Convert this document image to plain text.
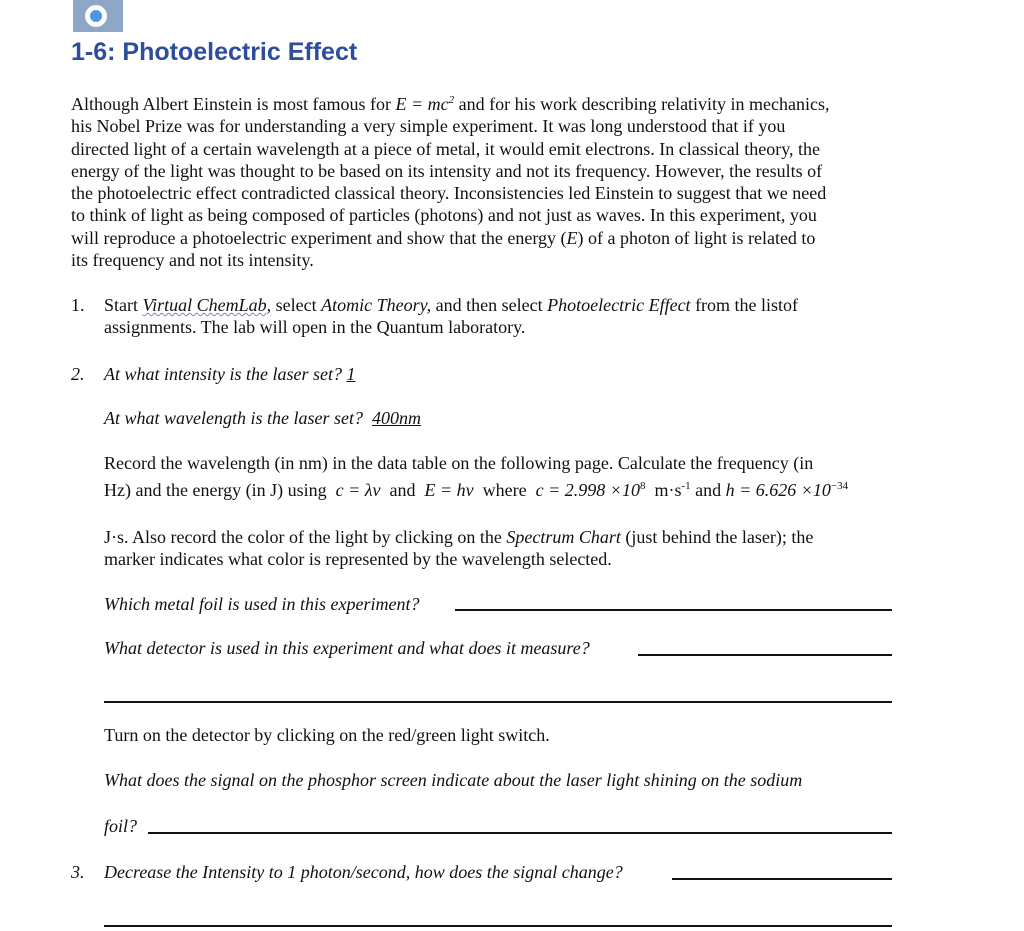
1-6: Photoelectric Effect
Although Albert Einstein is most famous for $E = mc^2$ and for his work describing relativity in mechanics,
his Nobel Prize was for understanding a very simple experiment. It was long understood that if you
directed light of a certain wavelength at a piece of metal, it would emit electrons. In classical theory, the
energy of the light was thought to be based on its intensity and not its frequency. However, the results of
the photoelectric effect contradicted classical theory. Inconsistencies led Einstein to suggest that we need
to think of light as being composed of particles (photons) and not just as waves. In this experiment, you
will reproduce a photoelectric experiment and show that the energy (E) of a photon of light is related to
its frequency and not its intensity.
1. Start Virtual ChemLab, select Atomic Theory, and then select Photoelectric Effect from the listof
assignments. The lab will open in the Quantum laboratory.
2. At what intensity is the laser set? 1
At what wavelength is the laser set? 400nm
Record the wavelength (in nm) in the data table on the following page. Calculate the frequency (in
Hz) and the energy (in J) using c = λν and E = hν where $c = 2.998 \times 10^8$ $m\cdot s^{-1}$ and $h = 6.626 \times 10^{-34}$
J·s. Also record the color of the light by clicking on the Spectrum Chart (just behind the laser); the
marker indicates what color is represented by the wavelength selected.
Which metal foil is used in this experiment?
What detector is used in this experiment and what does it measure?
Turn on the detector by clicking on the red/green light switch.
What does the signal on the phosphor screen indicate about the laser light shining on the sodium
foil?
3. Decrease the Intensity to 1 photon/second, how does the signal change?
